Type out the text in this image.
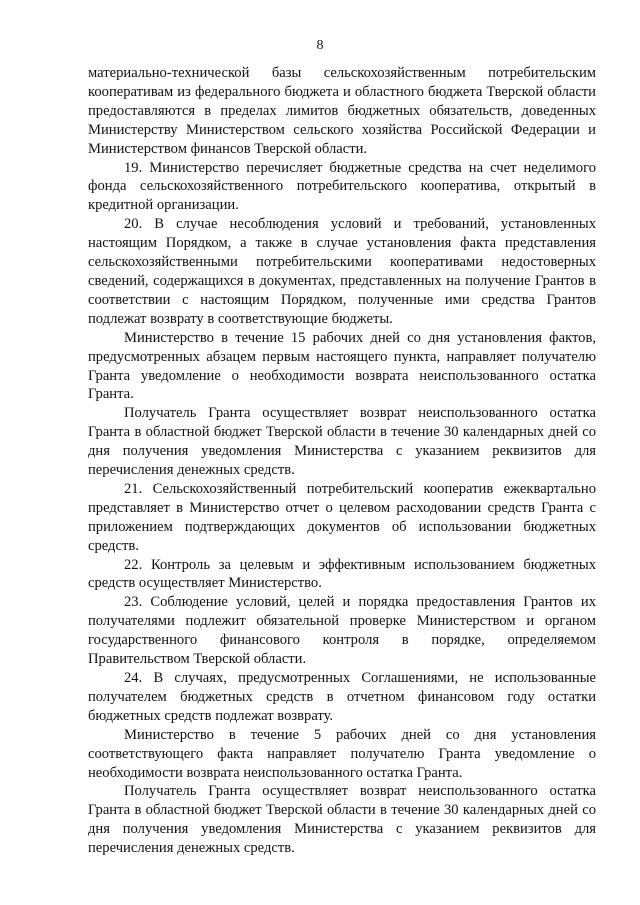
8

материально-технической базы сельскохозяйственным потребительским кооперативам из федерального бюджета и областного бюджета Тверской области предоставляются в пределах лимитов бюджетных обязательств, доведенных Министерству Министерством сельского хозяйства Российской Федерации и Министерством финансов Тверской области.

19. Министерство перечисляет бюджетные средства на счет неделимого фонда сельскохозяйственного потребительского кооператива, открытый в кредитной организации.

20. В случае несоблюдения условий и требований, установленных настоящим Порядком, а также в случае установления факта представления сельскохозяйственными потребительскими кооперативами недостоверных сведений, содержащихся в документах, представленных на получение Грантов в соответствии с настоящим Порядком, полученные ими средства Грантов подлежат возврату в соответствующие бюджеты.

Министерство в течение 15 рабочих дней со дня установления фактов, предусмотренных абзацем первым настоящего пункта, направляет получателю Гранта уведомление о необходимости возврата неиспользованного остатка Гранта.

Получатель Гранта осуществляет возврат неиспользованного остатка Гранта в областной бюджет Тверской области в течение 30 календарных дней со дня получения уведомления Министерства с указанием реквизитов для перечисления денежных средств.

21. Сельскохозяйственный потребительский кооператив ежеквартально представляет в Министерство отчет о целевом расходовании средств Гранта с приложением подтверждающих документов об использовании бюджетных средств.

22. Контроль за целевым и эффективным использованием бюджетных средств осуществляет Министерство.

23. Соблюдение условий, целей и порядка предоставления Грантов их получателями подлежит обязательной проверке Министерством и органом государственного финансового контроля в порядке, определяемом Правительством Тверской области.

24. В случаях, предусмотренных Соглашениями, не использованные получателем бюджетных средств в отчетном финансовом году остатки бюджетных средств подлежат возврату.

Министерство в течение 5 рабочих дней со дня установления соответствующего факта направляет получателю Гранта уведомление о необходимости возврата неиспользованного остатка Гранта.

Получатель Гранта осуществляет возврат неиспользованного остатка Гранта в областной бюджет Тверской области в течение 30 календарных дней со дня получения уведомления Министерства с указанием реквизитов для перечисления денежных средств.
